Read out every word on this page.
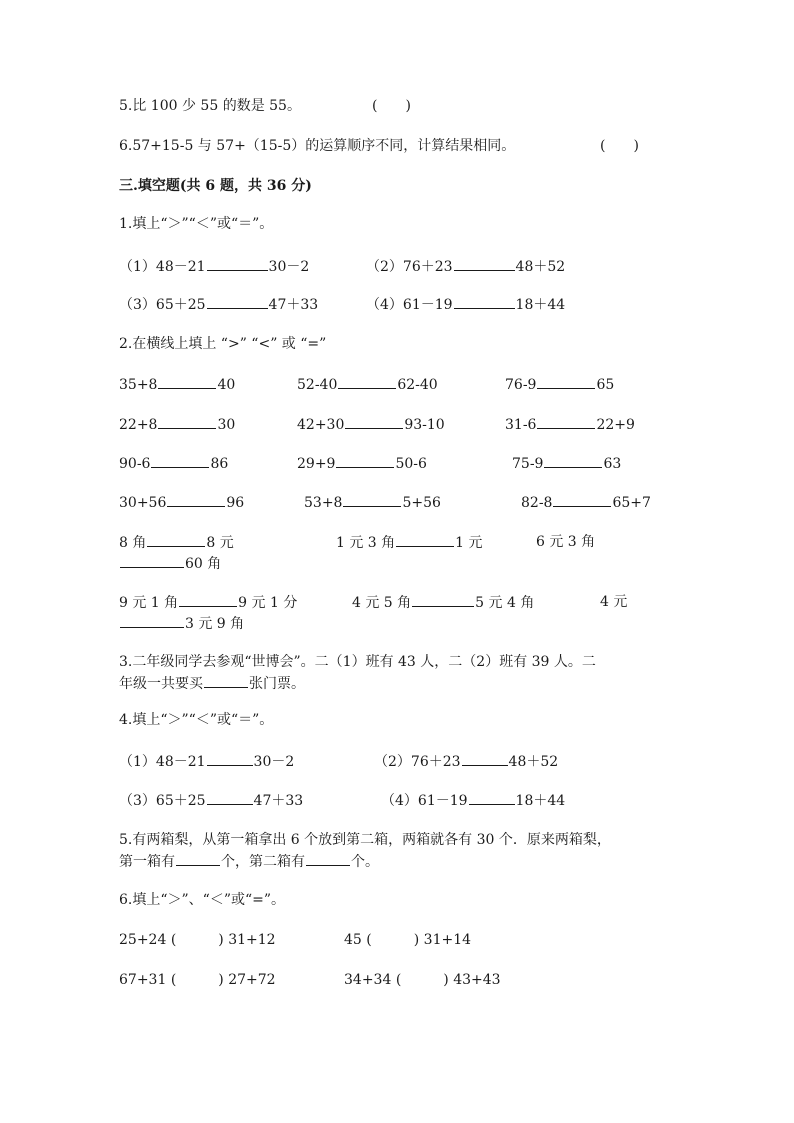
5.比 100 少 55 的数是 55。	(　　)
6.57+15-5 与 57+（15-5）的运算顺序不同，计算结果相同。	(　　)
三.填空题(共 6 题，共 36 分)
1.填上“＞”“＜”或“＝”。
（1）48－21	30－2	（2）76＋23	48＋52
（3）65＋25	47＋33	（4）61－19	18＋44
2.在横线上填上 “>” “<” 或 “=”
35+8	40	52-40	62-40	76-9	65
22+8	30	42+30	93-10	31-6	22+9
90-6	86	29+9	50-6	75-9	63
30+56	96	53+8	5+56	82-8	65+7
8 角	8 元	1 元 3 角	1 元	6 元 3 角
60 角
9 元 1 角	9 元 1 分	4 元 5 角	5 元 4 角	4 元
3 元 9 角
3.二年级同学去参观“世博会”。二（1）班有 43 人，二（2）班有 39 人。二
年级一共要买	张门票。
4.填上“＞”“＜”或“＝”。
（1）48－21	30－2	（2）76＋23	48＋52
（3）65＋25	47＋33	（4）61－19	18＋44
5.有两箱梨，从第一箱拿出 6 个放到第二箱，两箱就各有 30 个．原来两箱梨，
第一箱有	个，第二箱有	个。
6.填上“＞”、“＜”或“=”。
25+24 (	) 31+12	45 (	) 31+14
67+31 (	) 27+72	34+34 (	) 43+43
